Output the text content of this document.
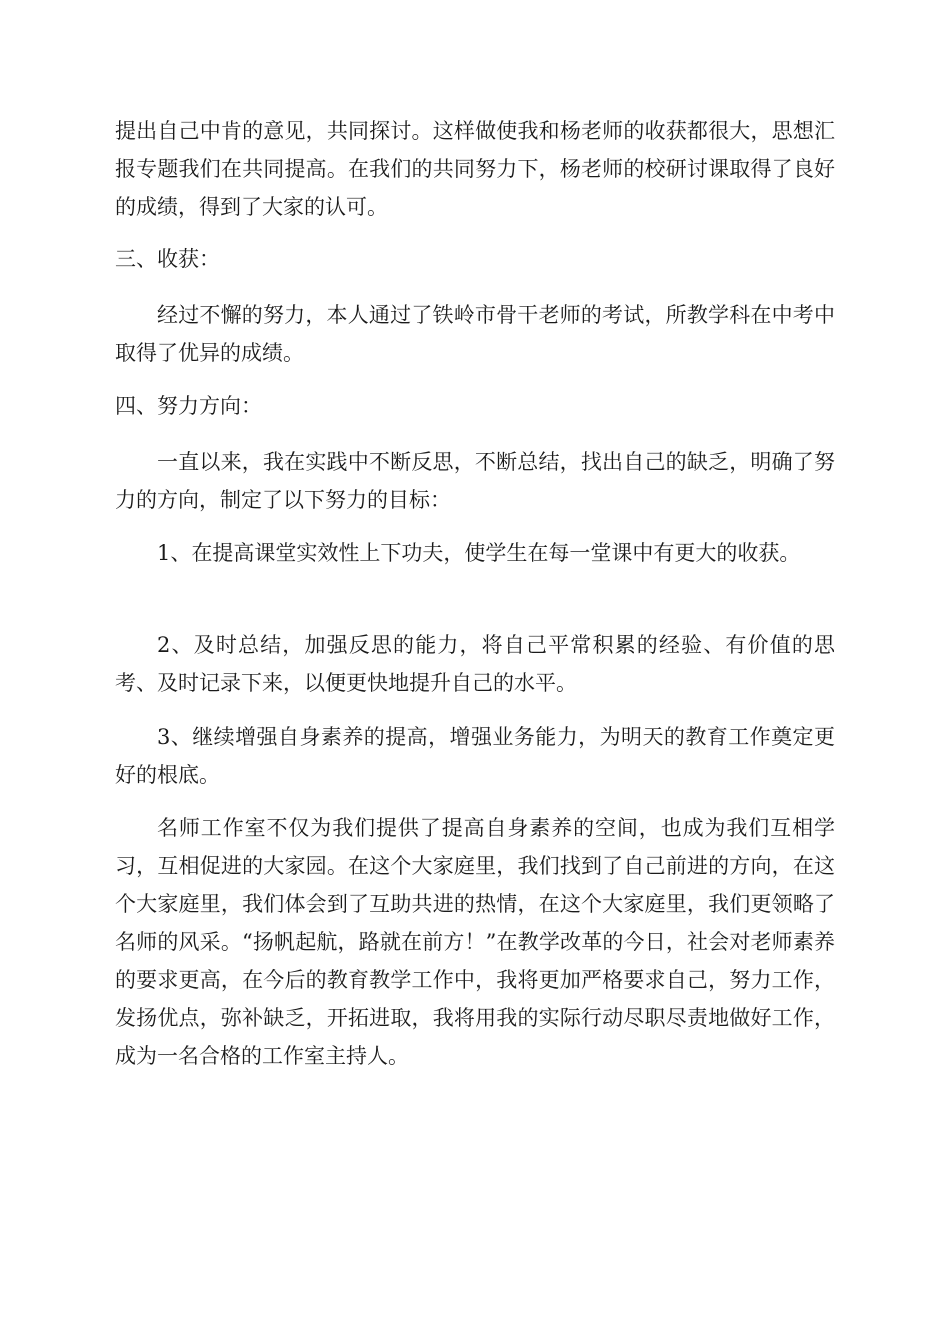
提出自己中肯的意见，共同探讨。这样做使我和杨老师的收获都很大，思想汇报专题我们在共同提高。在我们的共同努力下，杨老师的校研讨课取得了良好的成绩，得到了大家的认可。

三、收获：

经过不懈的努力，本人通过了铁岭市骨干老师的考试，所教学科在中考中取得了优异的成绩。

四、努力方向：

一直以来，我在实践中不断反思，不断总结，找出自己的缺乏，明确了努力的方向，制定了以下努力的目标：

1、在提高课堂实效性上下功夫，使学生在每一堂课中有更大的收获。

2、及时总结，加强反思的能力，将自己平常积累的经验、有价值的思考、及时记录下来，以便更快地提升自己的水平。

3、继续增强自身素养的提高，增强业务能力，为明天的教育工作奠定更好的根底。

名师工作室不仅为我们提供了提高自身素养的空间，也成为我们互相学习，互相促进的大家园。在这个大家庭里，我们找到了自己前进的方向，在这个大家庭里，我们体会到了互助共进的热情，在这个大家庭里，我们更领略了名师的风采。“扬帆起航，路就在前方！”在教学改革的今日，社会对老师素养的要求更高，在今后的教育教学工作中，我将更加严格要求自己，努力工作，发扬优点，弥补缺乏，开拓进取，我将用我的实际行动尽职尽责地做好工作，成为一名合格的工作室主持人。
